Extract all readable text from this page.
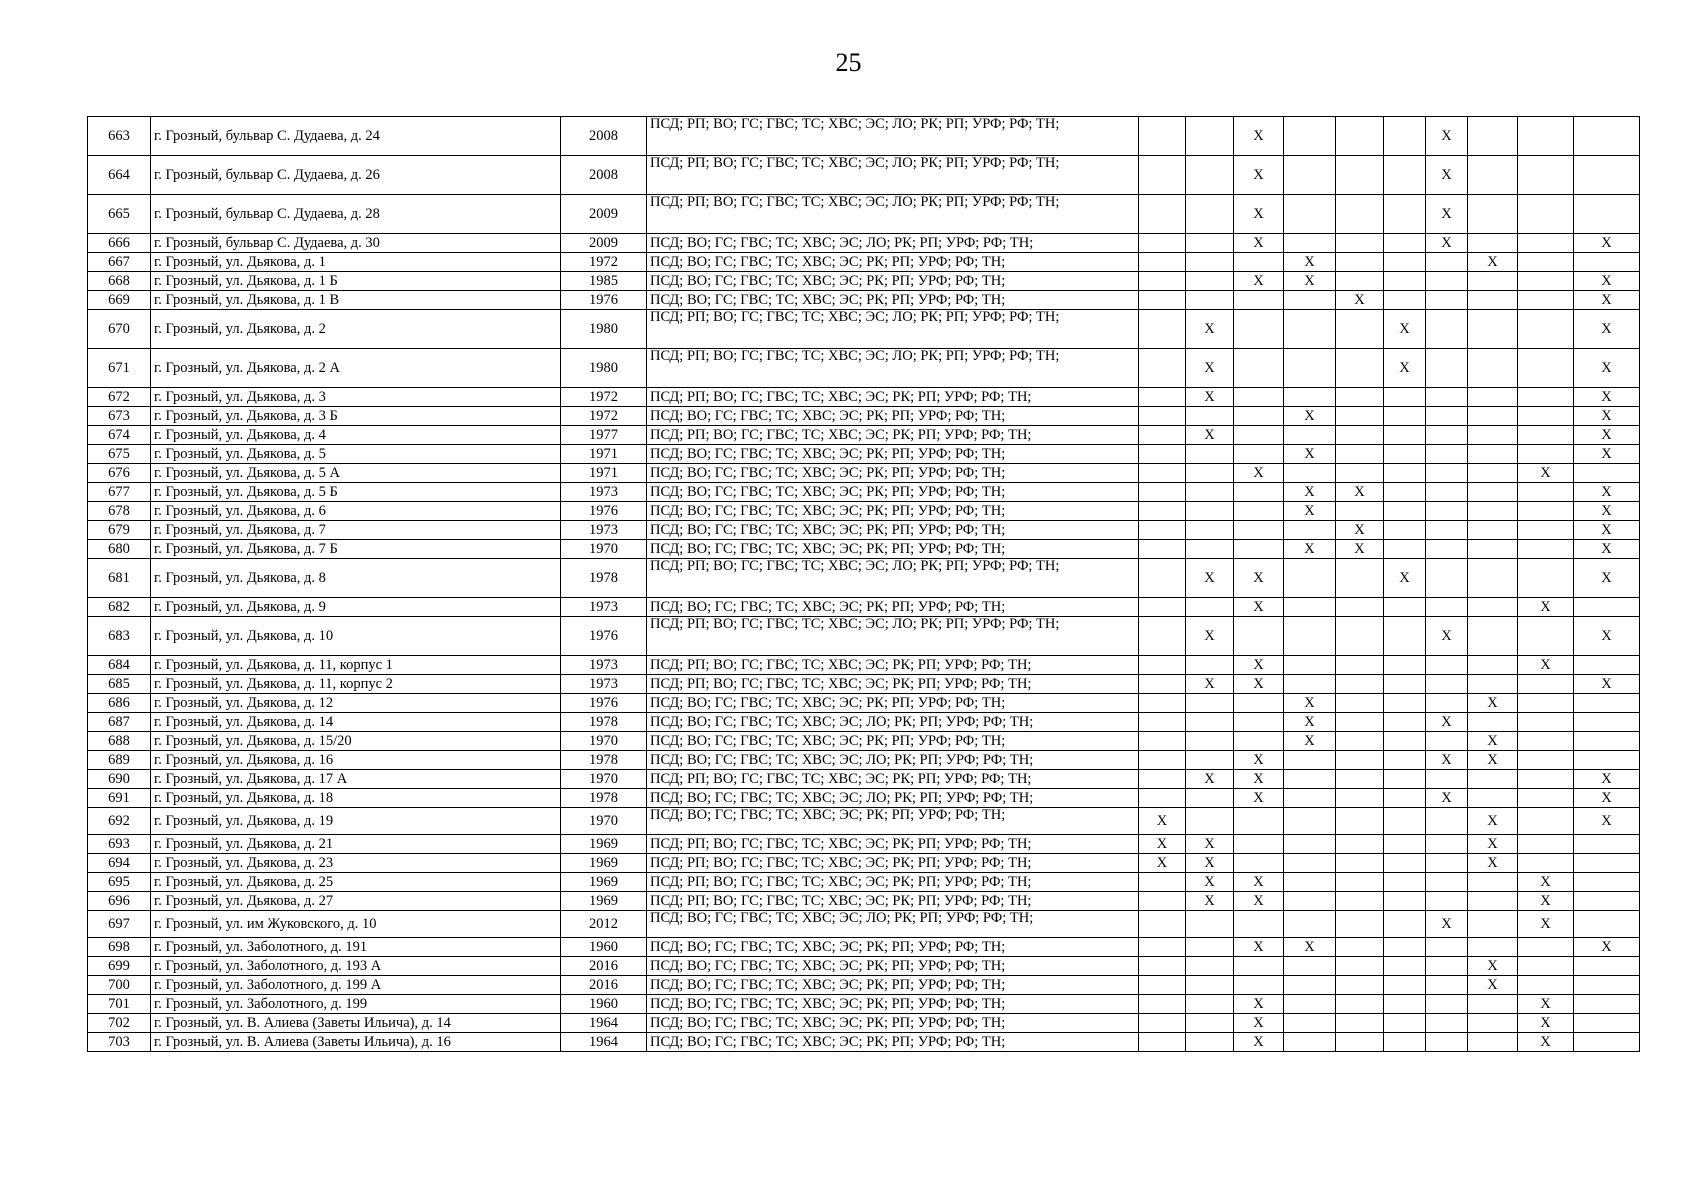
25
663	г. Грозный, бульвар С. Дудаева, д. 24	2008	ПСД; РП; ВО; ГС; ГВС; ТС; ХВС; ЭС; ЛО; РК; РП; УРФ; РФ; ТН;			X				X			
664	г. Грозный, бульвар С. Дудаева, д. 26	2008	ПСД; РП; ВО; ГС; ГВС; ТС; ХВС; ЭС; ЛО; РК; РП; УРФ; РФ; ТН;			X				X			
665	г. Грозный, бульвар С. Дудаева, д. 28	2009	ПСД; РП; ВО; ГС; ГВС; ТС; ХВС; ЭС; ЛО; РК; РП; УРФ; РФ; ТН;			X				X			
666	г. Грозный, бульвар С. Дудаева, д. 30	2009	ПСД; ВО; ГС; ГВС; ТС; ХВС; ЭС; ЛО; РК; РП; УРФ; РФ; ТН;			X				X			X
667	г. Грозный, ул. Дьякова, д. 1	1972	ПСД; ВО; ГС; ГВС; ТС; ХВС; ЭС; РК; РП; УРФ; РФ; ТН;				X				X		
668	г. Грозный, ул. Дьякова, д. 1 Б	1985	ПСД; ВО; ГС; ГВС; ТС; ХВС; ЭС; РК; РП; УРФ; РФ; ТН;			X	X						X
669	г. Грозный, ул. Дьякова, д. 1 В	1976	ПСД; ВО; ГС; ГВС; ТС; ХВС; ЭС; РК; РП; УРФ; РФ; ТН;					X					X
670	г. Грозный, ул. Дьякова, д. 2	1980	ПСД; РП; ВО; ГС; ГВС; ТС; ХВС; ЭС; ЛО; РК; РП; УРФ; РФ; ТН;		X				X				X
671	г. Грозный, ул. Дьякова, д. 2 А	1980	ПСД; РП; ВО; ГС; ГВС; ТС; ХВС; ЭС; ЛО; РК; РП; УРФ; РФ; ТН;		X				X				X
672	г. Грозный, ул. Дьякова, д. 3	1972	ПСД; РП; ВО; ГС; ГВС; ТС; ХВС; ЭС; РК; РП; УРФ; РФ; ТН;		X								X
673	г. Грозный, ул. Дьякова, д. 3 Б	1972	ПСД; ВО; ГС; ГВС; ТС; ХВС; ЭС; РК; РП; УРФ; РФ; ТН;				X						X
674	г. Грозный, ул. Дьякова, д. 4	1977	ПСД; РП; ВО; ГС; ГВС; ТС; ХВС; ЭС; РК; РП; УРФ; РФ; ТН;		X								X
675	г. Грозный, ул. Дьякова, д. 5	1971	ПСД; ВО; ГС; ГВС; ТС; ХВС; ЭС; РК; РП; УРФ; РФ; ТН;				X						X
676	г. Грозный, ул. Дьякова, д. 5 А	1971	ПСД; ВО; ГС; ГВС; ТС; ХВС; ЭС; РК; РП; УРФ; РФ; ТН;			X						X	
677	г. Грозный, ул. Дьякова, д. 5 Б	1973	ПСД; ВО; ГС; ГВС; ТС; ХВС; ЭС; РК; РП; УРФ; РФ; ТН;				X	X					X
678	г. Грозный, ул. Дьякова, д. 6	1976	ПСД; ВО; ГС; ГВС; ТС; ХВС; ЭС; РК; РП; УРФ; РФ; ТН;				X						X
679	г. Грозный, ул. Дьякова, д. 7	1973	ПСД; ВО; ГС; ГВС; ТС; ХВС; ЭС; РК; РП; УРФ; РФ; ТН;					X					X
680	г. Грозный, ул. Дьякова, д. 7 Б	1970	ПСД; ВО; ГС; ГВС; ТС; ХВС; ЭС; РК; РП; УРФ; РФ; ТН;				X	X					X
681	г. Грозный, ул. Дьякова, д. 8	1978	ПСД; РП; ВО; ГС; ГВС; ТС; ХВС; ЭС; ЛО; РК; РП; УРФ; РФ; ТН;		X	X			X				X
682	г. Грозный, ул. Дьякова, д. 9	1973	ПСД; ВО; ГС; ГВС; ТС; ХВС; ЭС; РК; РП; УРФ; РФ; ТН;			X						X	
683	г. Грозный, ул. Дьякова, д. 10	1976	ПСД; РП; ВО; ГС; ГВС; ТС; ХВС; ЭС; ЛО; РК; РП; УРФ; РФ; ТН;		X					X			X
684	г. Грозный, ул. Дьякова, д. 11, корпус 1	1973	ПСД; РП; ВО; ГС; ГВС; ТС; ХВС; ЭС; РК; РП; УРФ; РФ; ТН;			X						X	
685	г. Грозный, ул. Дьякова, д. 11, корпус 2	1973	ПСД; РП; ВО; ГС; ГВС; ТС; ХВС; ЭС; РК; РП; УРФ; РФ; ТН;		X	X							X
686	г. Грозный, ул. Дьякова, д. 12	1976	ПСД; ВО; ГС; ГВС; ТС; ХВС; ЭС; РК; РП; УРФ; РФ; ТН;				X				X		
687	г. Грозный, ул. Дьякова, д. 14	1978	ПСД; ВО; ГС; ГВС; ТС; ХВС; ЭС; ЛО; РК; РП; УРФ; РФ; ТН;				X			X			
688	г. Грозный, ул. Дьякова, д. 15/20	1970	ПСД; ВО; ГС; ГВС; ТС; ХВС; ЭС; РК; РП; УРФ; РФ; ТН;				X				X		
689	г. Грозный, ул. Дьякова, д. 16	1978	ПСД; ВО; ГС; ГВС; ТС; ХВС; ЭС; ЛО; РК; РП; УРФ; РФ; ТН;			X				X	X		
690	г. Грозный, ул. Дьякова, д. 17 А	1970	ПСД; РП; ВО; ГС; ГВС; ТС; ХВС; ЭС; РК; РП; УРФ; РФ; ТН;		X	X							X
691	г. Грозный, ул. Дьякова, д. 18	1978	ПСД; ВО; ГС; ГВС; ТС; ХВС; ЭС; ЛО; РК; РП; УРФ; РФ; ТН;			X				X			X
692	г. Грозный, ул. Дьякова, д. 19	1970	ПСД; ВО; ГС; ГВС; ТС; ХВС; ЭС; РК; РП; УРФ; РФ; ТН;	X							X		X
693	г. Грозный, ул. Дьякова, д. 21	1969	ПСД; РП; ВО; ГС; ГВС; ТС; ХВС; ЭС; РК; РП; УРФ; РФ; ТН;	X	X						X		
694	г. Грозный, ул. Дьякова, д. 23	1969	ПСД; РП; ВО; ГС; ГВС; ТС; ХВС; ЭС; РК; РП; УРФ; РФ; ТН;	X	X						X		
695	г. Грозный, ул. Дьякова, д. 25	1969	ПСД; РП; ВО; ГС; ГВС; ТС; ХВС; ЭС; РК; РП; УРФ; РФ; ТН;		X	X						X	
696	г. Грозный, ул. Дьякова, д. 27	1969	ПСД; РП; ВО; ГС; ГВС; ТС; ХВС; ЭС; РК; РП; УРФ; РФ; ТН;		X	X						X	
697	г. Грозный, ул. им Жуковского, д. 10	2012	ПСД; ВО; ГС; ГВС; ТС; ХВС; ЭС; ЛО; РК; РП; УРФ; РФ; ТН;							X		X	
698	г. Грозный, ул. Заболотного, д. 191	1960	ПСД; ВО; ГС; ГВС; ТС; ХВС; ЭС; РК; РП; УРФ; РФ; ТН;			X	X						X
699	г. Грозный, ул. Заболотного, д. 193 А	2016	ПСД; ВО; ГС; ГВС; ТС; ХВС; ЭС; РК; РП; УРФ; РФ; ТН;								X		
700	г. Грозный, ул. Заболотного, д. 199 А	2016	ПСД; ВО; ГС; ГВС; ТС; ХВС; ЭС; РК; РП; УРФ; РФ; ТН;								X		
701	г. Грозный, ул. Заболотного, д. 199	1960	ПСД; ВО; ГС; ГВС; ТС; ХВС; ЭС; РК; РП; УРФ; РФ; ТН;			X						X	
702	г. Грозный, ул. В. Алиева (Заветы Ильича), д. 14	1964	ПСД; ВО; ГС; ГВС; ТС; ХВС; ЭС; РК; РП; УРФ; РФ; ТН;			X						X	
703	г. Грозный, ул. В. Алиева (Заветы Ильича), д. 16	1964	ПСД; ВО; ГС; ГВС; ТС; ХВС; ЭС; РК; РП; УРФ; РФ; ТН;			X						X	
